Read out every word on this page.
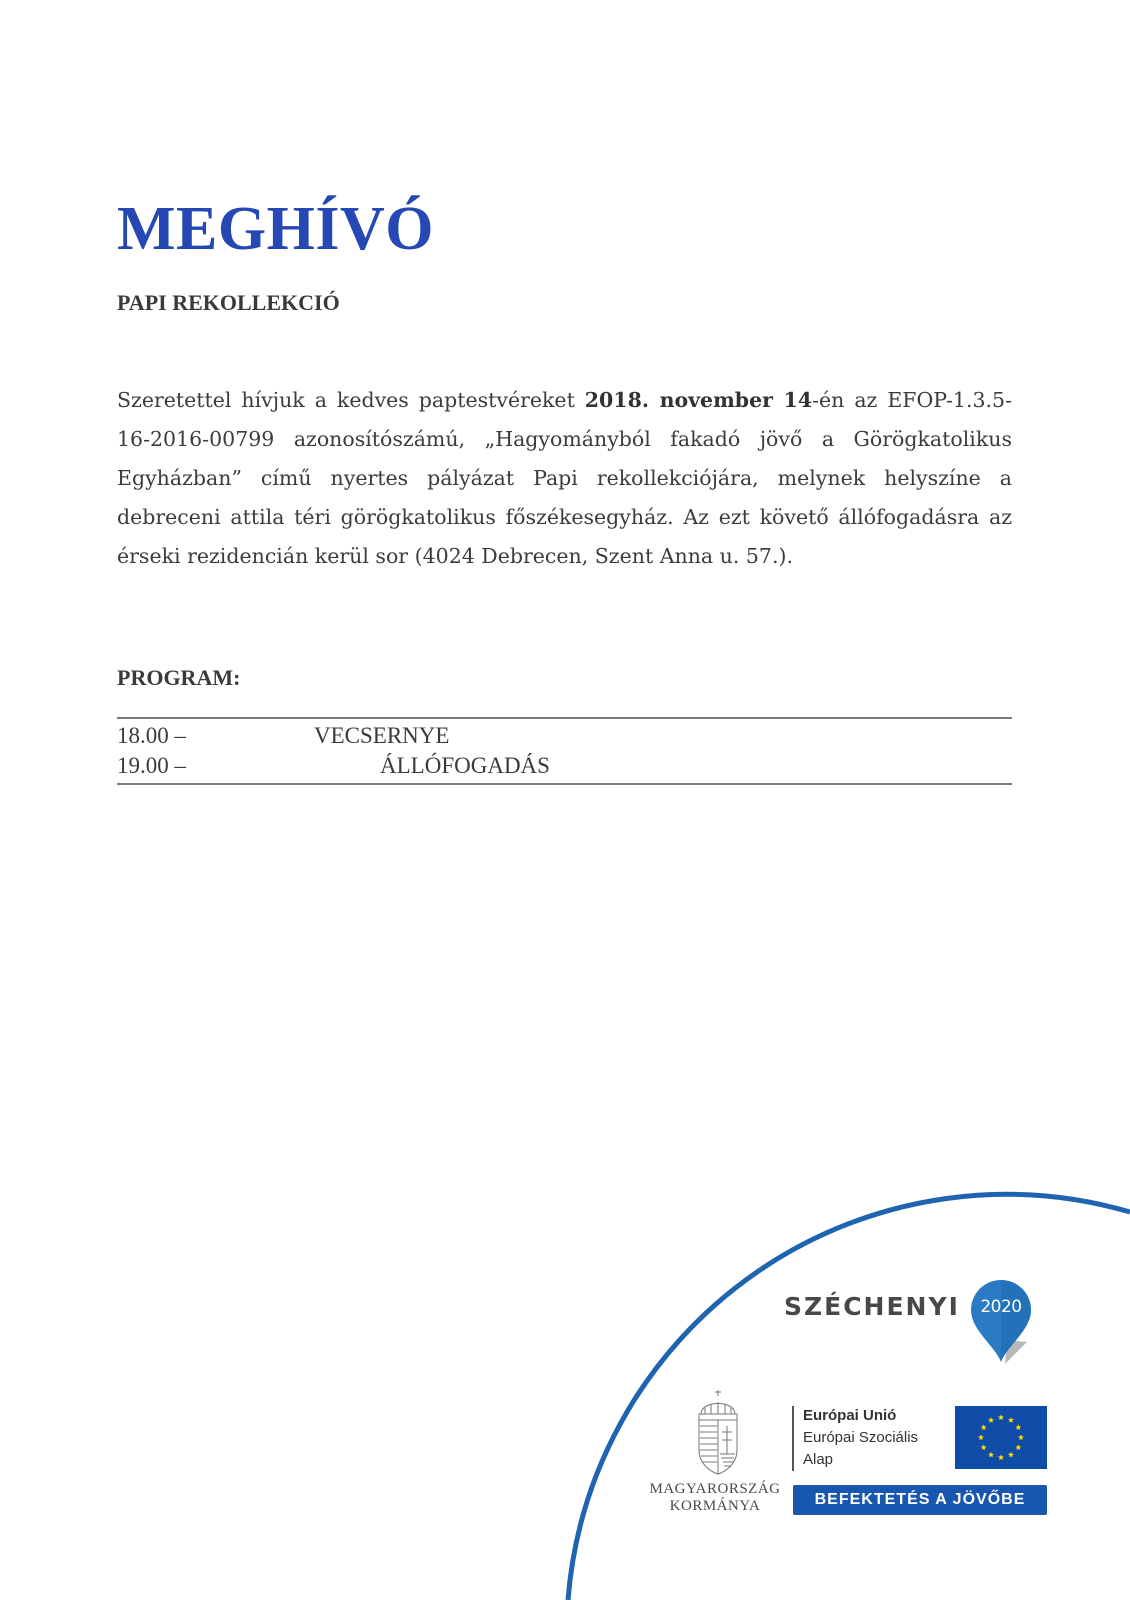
MEGHÍVÓ
PAPI REKOLLEKCIÓ

Szeretettel hívjuk a kedves paptestvéreket 2018. november 14-én az EFOP-1.3.5-16-2016-00799 azonosítószámú, „Hagyományból fakadó jövő a Görögkatolikus Egyházban” című nyertes pályázat Papi rekollekciójára, melynek helyszíne a debreceni attila téri görögkatolikus főszékesegyház. Az ezt követő állófogadásra az érseki rezidencián kerül sor (4024 Debrecen, Szent Anna u. 57.).

PROGRAM:
18.00 –	VECSERNYE
19.00 –	ÁLLÓFOGADÁS
SZÉCHENYI	2020
MAGYARORSZÁG
KORMÁNYA
Európai Unió
Európai Szociális
Alap
BEFEKTETÉS A JÖVŐBE
